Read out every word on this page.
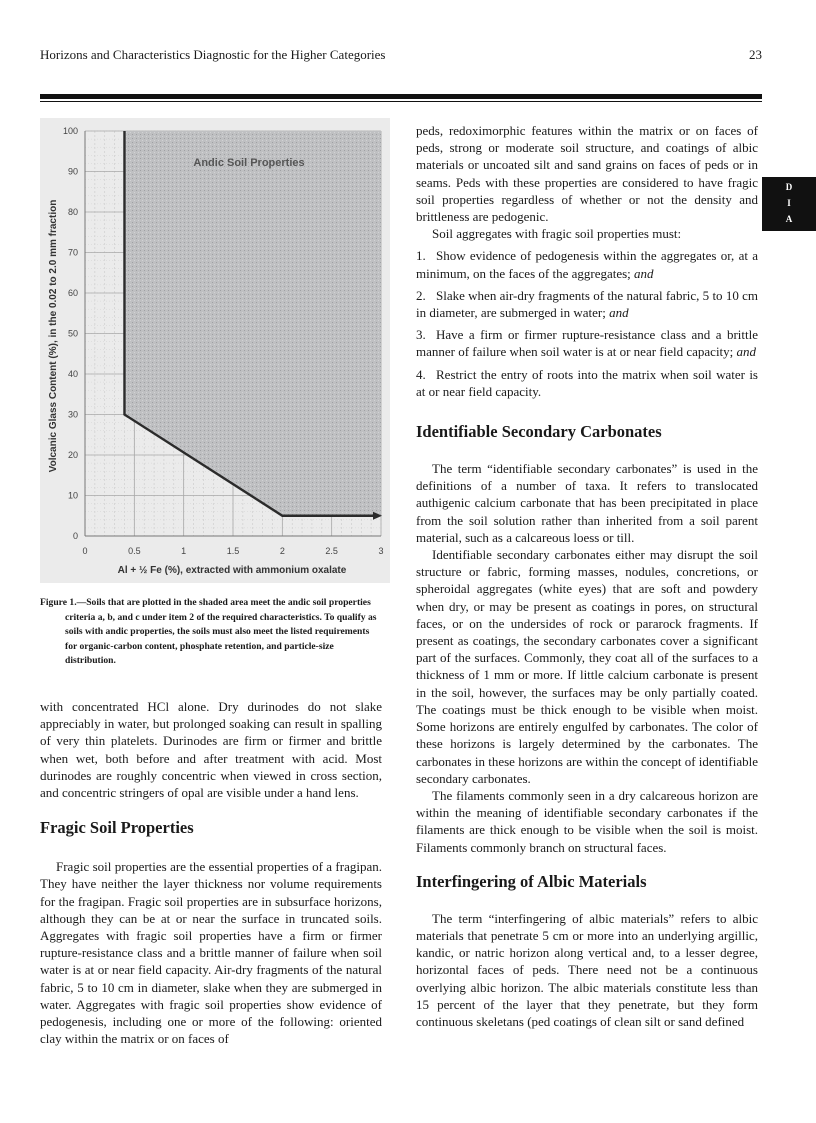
Horizons and Characteristics Diagnostic for the Higher Categories	23
D
I
A
0	0.5	1	1.5	2	2.5	3
0
10
20
30
40
50
60
70
80
90
100
Andic Soil Properties
Al + ½ Fe (%), extracted with ammonium oxalate
Volcanic Glass Content (%), in the 0.02 to 2.0 mm fraction

Figure 1.—Soils that are plotted in the shaded area meet the andic soil properties criteria a, b, and c under item 2 of the required characteristics. To qualify as soils with andic properties, the soils must also meet the listed requirements for organic-carbon content, phosphate retention, and particle-size distribution.

with concentrated HCl alone. Dry durinodes do not slake appreciably in water, but prolonged soaking can result in spalling of very thin platelets. Durinodes are firm or firmer and brittle when wet, both before and after treatment with acid. Most durinodes are roughly concentric when viewed in cross section, and concentric stringers of opal are visible under a hand lens.

Fragic Soil Properties

Fragic soil properties are the essential properties of a fragipan. They have neither the layer thickness nor volume requirements for the fragipan. Fragic soil properties are in subsurface horizons, although they can be at or near the surface in truncated soils. Aggregates with fragic soil properties have a firm or firmer rupture-resistance class and a brittle manner of failure when soil water is at or near field capacity. Air-dry fragments of the natural fabric, 5 to 10 cm in diameter, slake when they are submerged in water. Aggregates with fragic soil properties show evidence of pedogenesis, including one or more of the following: oriented clay within the matrix or on faces of

peds, redoximorphic features within the matrix or on faces of peds, strong or moderate soil structure, and coatings of albic materials or uncoated silt and sand grains on faces of peds or in seams. Peds with these properties are considered to have fragic soil properties regardless of whether or not the density and brittleness are pedogenic.

Soil aggregates with fragic soil properties must:

1. Show evidence of pedogenesis within the aggregates or, at a minimum, on the faces of the aggregates; and

2. Slake when air-dry fragments of the natural fabric, 5 to 10 cm in diameter, are submerged in water; and

3. Have a firm or firmer rupture-resistance class and a brittle manner of failure when soil water is at or near field capacity; and

4. Restrict the entry of roots into the matrix when soil water is at or near field capacity.

Identifiable Secondary Carbonates

The term “identifiable secondary carbonates” is used in the definitions of a number of taxa. It refers to translocated authigenic calcium carbonate that has been precipitated in place from the soil solution rather than inherited from a soil parent material, such as a calcareous loess or till.

Identifiable secondary carbonates either may disrupt the soil structure or fabric, forming masses, nodules, concretions, or spheroidal aggregates (white eyes) that are soft and powdery when dry, or may be present as coatings in pores, on structural faces, or on the undersides of rock or pararock fragments. If present as coatings, the secondary carbonates cover a significant part of the surfaces. Commonly, they coat all of the surfaces to a thickness of 1 mm or more. If little calcium carbonate is present in the soil, however, the surfaces may be only partially coated. The coatings must be thick enough to be visible when moist. Some horizons are entirely engulfed by carbonates. The color of these horizons is largely determined by the carbonates. The carbonates in these horizons are within the concept of identifiable secondary carbonates.

The filaments commonly seen in a dry calcareous horizon are within the meaning of identifiable secondary carbonates if the filaments are thick enough to be visible when the soil is moist. Filaments commonly branch on structural faces.

Interfingering of Albic Materials

The term “interfingering of albic materials” refers to albic materials that penetrate 5 cm or more into an underlying argillic, kandic, or natric horizon along vertical and, to a lesser degree, horizontal faces of peds. There need not be a continuous overlying albic horizon. The albic materials constitute less than 15 percent of the layer that they penetrate, but they form continuous skeletans (ped coatings of clean silt or sand defined
